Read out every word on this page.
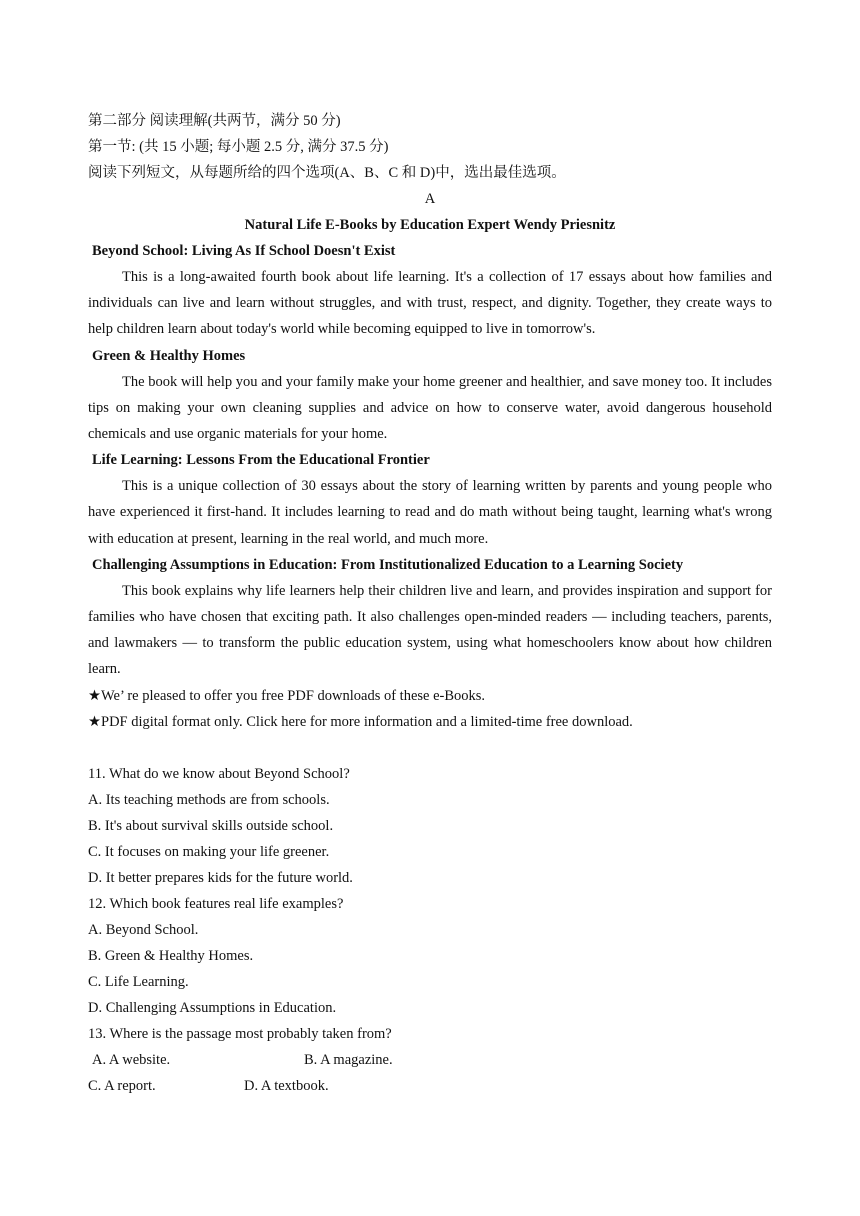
第二部分 阅读理解(共两节，满分 50 分)
第一节: (共 15 小题; 每小题 2.5 分, 满分 37.5 分)
阅读下列短文，从每题所给的四个选项(A、B、C 和 D)中，选出最佳选项。
A
Natural Life E-Books by Education Expert Wendy Priesnitz
Beyond School: Living As If School Doesn't Exist

This is a long-awaited fourth book about life learning. It's a collection of 17 essays about how families and individuals can live and learn without struggles, and with trust, respect, and dignity. Together, they create ways to help children learn about today's world while becoming equipped to live in tomorrow's.

Green & Healthy Homes

The book will help you and your family make your home greener and healthier, and save money too. It includes tips on making your own cleaning supplies and advice on how to conserve water, avoid dangerous household chemicals and use organic materials for your home.

Life Learning: Lessons From the Educational Frontier

This is a unique collection of 30 essays about the story of learning written by parents and young people who have experienced it first-hand. It includes learning to read and do math without being taught, learning what's wrong with education at present, learning in the real world, and much more.

Challenging Assumptions in Education: From Institutionalized Education to a Learning Society

This book explains why life learners help their children live and learn, and provides inspiration and support for families who have chosen that exciting path. It also challenges open-minded readers — including teachers, parents, and lawmakers — to transform the public education system, using what homeschoolers know about how children learn.

★We’ re pleased to offer you free PDF downloads of these e-Books.
★PDF digital format only. Click here for more information and a limited-time free download.
11. What do we know about Beyond School?
A. Its teaching methods are from schools.
B. It's about survival skills outside school.
C. It focuses on making your life greener.
D. It better prepares kids for the future world.
12. Which book features real life examples?
A. Beyond School.
B. Green & Healthy Homes.
C. Life Learning.
D. Challenging Assumptions in Education.
13. Where is the passage most probably taken from?
A. A website.	B. A magazine.
C. A report.	D. A textbook.
